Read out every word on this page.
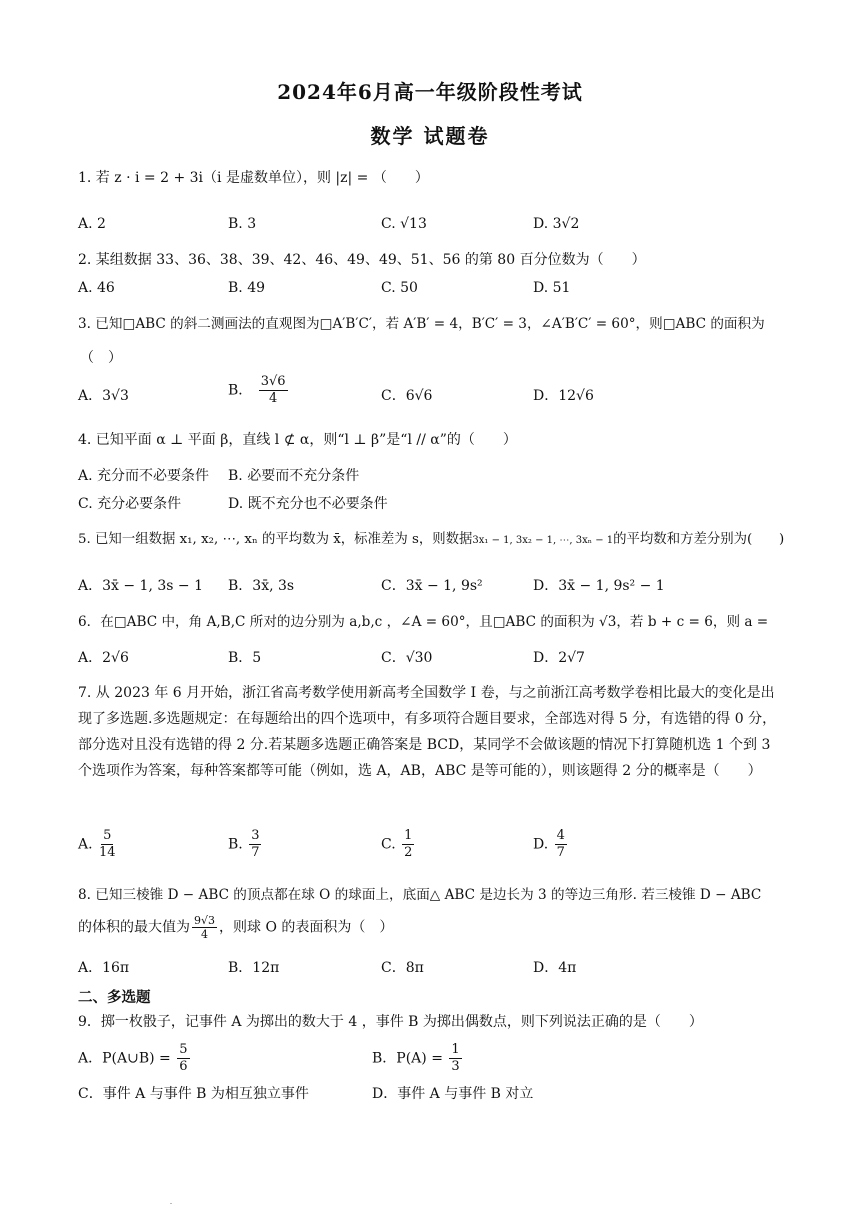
2024年6月高一年级阶段性考试
数学 试题卷
1. 若 z · i = 2 + 3i（i 是虚数单位），则 |z| = （　　）
A. 2	B. 3	C. √13	D. 3√2
2. 某组数据 33、36、38、39、42、46、49、49、51、56 的第 80 百分位数为（　　）
A. 46	B. 49	C. 50	D. 51
3. 已知□ABC 的斜二测画法的直观图为□A′B′C′，若 A′B′ = 4，B′C′ = 3，∠A′B′C′ = 60°，则□ABC 的面积为
（　）
A．3√3	B． $\frac{3√6}{4}$	C．6√6	D．12√6
4. 已知平面 α ⊥ 平面 β，直线 l ⊄ α，则“l ⊥ β”是“l // α”的（　　）
A. 充分而不必要条件 B. 必要而不充分条件
C. 充分必要条件	D. 既不充分也不必要条件
5. 已知一组数据 x₁, x₂, ⋯, xₙ 的平均数为 x̄，标准差为 s，则数据3x₁ − 1, 3x₂ − 1, ⋯, 3xₙ − 1的平均数和方差分别为(　　)
A．3x̄ − 1, 3s − 1 B．3x̄, 3s	C．3x̄ − 1, 9s²	D．3x̄ − 1, 9s² − 1
6．在□ABC 中，角 A,B,C 所对的边分别为 a,b,c ，∠A = 60°，且□ABC 的面积为 √3，若 b + c = 6，则 a =
A．2√6	B．5	C．√30	D．2√7
7. 从 2023 年 6 月开始，浙江省高考数学使用新高考全国数学 I 卷，与之前浙江高考数学卷相比最大的变化是出现了多选题.多选题规定：在每题给出的四个选项中，有多项符合题目要求，全部选对得 5 分，有选错的得 0 分，部分选对且没有选错的得 2 分.若某题多选题正确答案是 BCD，某同学不会做该题的情况下打算随机选 1 个到 3 个选项作为答案，每种答案都等可能（例如，选 A，AB，ABC 是等可能的），则该题得 2 分的概率是（　　）
A. $\frac{5}{14}$	B. $\frac{3}{7}$	C. $\frac{1}{2}$	D. $\frac{4}{7}$
8. 已知三棱锥 D − ABC 的顶点都在球 O 的球面上，底面△ ABC 是边长为 3 的等边三角形. 若三棱锥 D − ABC
的体积的最大值为 $\frac{9√3}{4}$ ，则球 O 的表面积为（　）
A．16π	B．12π	C．8π	D．4π
二、多选题
9．掷一枚骰子，记事件 A 为掷出的数大于 4 ，事件 B 为掷出偶数点，则下列说法正确的是（　　）
A．P(A∪B) = $\frac{5}{6}$	B．$P(A) = \frac{1}{3}$
C．事件 A 与事件 B 为相互独立事件	D．事件 A 与事件 B 对立
